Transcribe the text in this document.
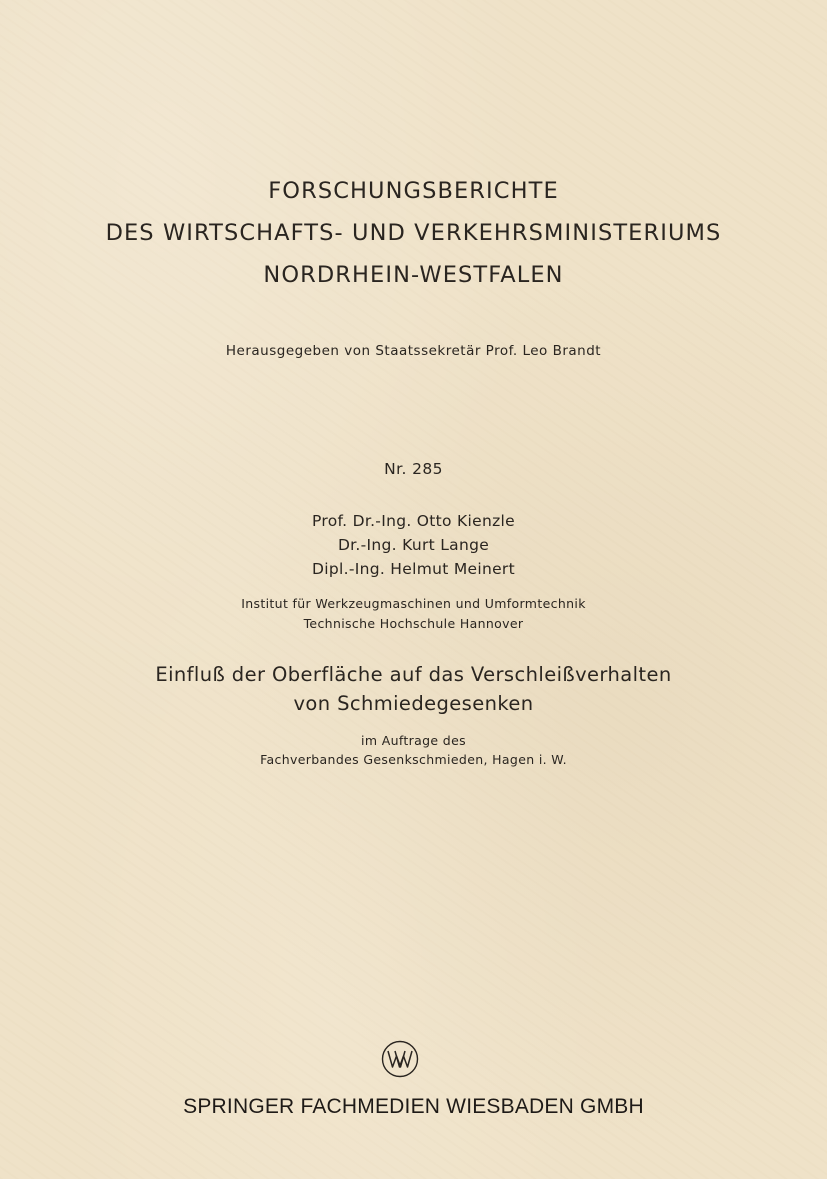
FORSCHUNGSBERICHTE

DES WIRTSCHAFTS- UND VERKEHRSMINISTERIUMS

NORDRHEIN-WESTFALEN

Herausgegeben von Staatssekretär Prof. Leo Brandt

Nr. 285

Prof. Dr.-Ing. Otto Kienzle

Dr.-Ing. Kurt Lange

Dipl.-Ing. Helmut Meinert

Institut für Werkzeugmaschinen und Umformtechnik

Technische Hochschule Hannover

Einfluß der Oberfläche auf das Verschleißverhalten

von Schmiedegesenken

im Auftrage des

Fachverbandes Gesenkschmieden, Hagen i. W.

SPRINGER FACHMEDIEN WIESBADEN GMBH
